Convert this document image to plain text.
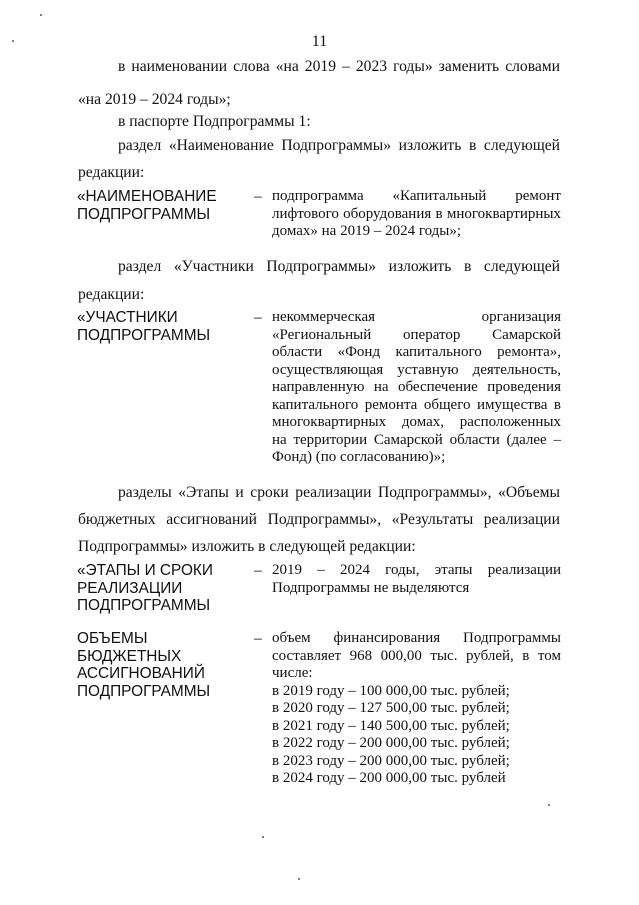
11
в наименовании слова «на 2019 – 2023 годы» заменить словами
«на 2019 – 2024 годы»;
в паспорте Подпрограммы 1:
раздел «Наименование Подпрограммы» изложить в следующей
редакции:
«НАИМЕНОВАНИЕ
ПОДПРОГРАММЫ
– подпрограмма «Капитальный ремонт
лифтового оборудования в многоквартирных
домах» на 2019 – 2024 годы»;
раздел «Участники Подпрограммы» изложить в следующей
редакции:
«УЧАСТНИКИ
ПОДПРОГРАММЫ
– некоммерческая организация
«Региональный оператор Самарской
области «Фонд капитального ремонта»,
осуществляющая уставную деятельность,
направленную на обеспечение проведения
капитального ремонта общего имущества в
многоквартирных домах, расположенных
на территории Самарской области (далее –
Фонд) (по согласованию)»;
разделы «Этапы и сроки реализации Подпрограммы», «Объемы
бюджетных ассигнований Подпрограммы», «Результаты реализации
Подпрограммы» изложить в следующей редакции:
«ЭТАПЫ И СРОКИ
РЕАЛИЗАЦИИ
ПОДПРОГРАММЫ
– 2019 – 2024 годы, этапы реализации
Подпрограммы не выделяются
ОБЪЕМЫ БЮДЖЕТНЫХ
АССИГНОВАНИЙ
ПОДПРОГРАММЫ
– объем финансирования Подпрограммы
составляет 968 000,00 тыс. рублей, в том
числе:
в 2019 году – 100 000,00 тыс. рублей;
в 2020 году – 127 500,00 тыс. рублей;
в 2021 году – 140 500,00 тыс. рублей;
в 2022 году – 200 000,00 тыс. рублей;
в 2023 году – 200 000,00 тыс. рублей;
в 2024 году – 200 000,00 тыс. рублей
